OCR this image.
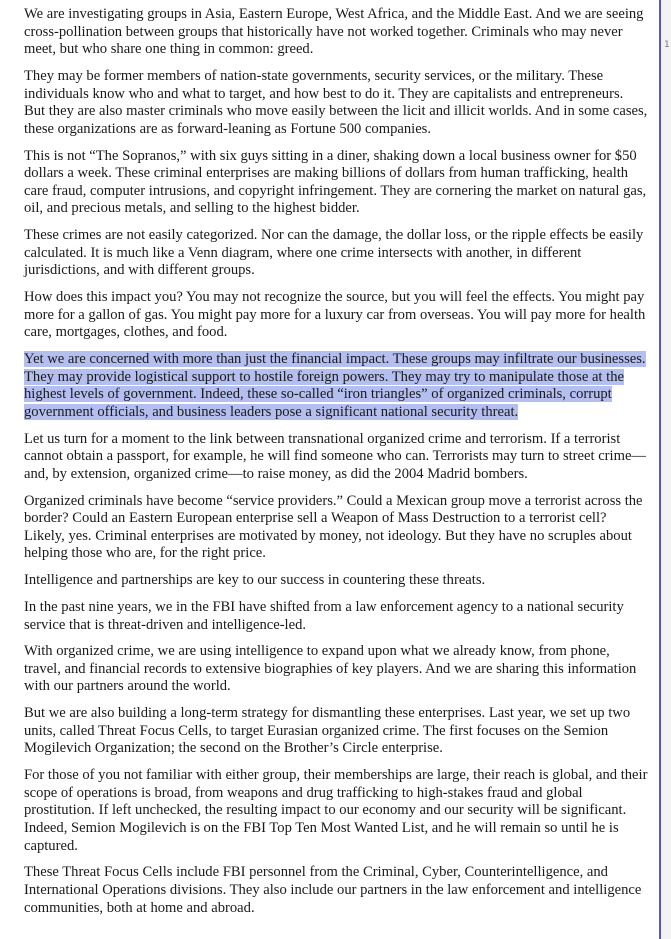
We are investigating groups in Asia, Eastern Europe, West Africa, and the Middle East. And we are seeing cross-pollination between groups that historically have not worked together. Criminals who may never meet, but who share one thing in common: greed.

They may be former members of nation-state governments, security services, or the military. These individuals know who and what to target, and how best to do it. They are capitalists and entrepreneurs. But they are also master criminals who move easily between the licit and illicit worlds. And in some cases, these organizations are as forward-leaning as Fortune 500 companies.

This is not “The Sopranos,” with six guys sitting in a diner, shaking down a local business owner for $50 dollars a week. These criminal enterprises are making billions of dollars from human trafficking, health care fraud, computer intrusions, and copyright infringement. They are cornering the market on natural gas, oil, and precious metals, and selling to the highest bidder.

These crimes are not easily categorized. Nor can the damage, the dollar loss, or the ripple effects be easily calculated. It is much like a Venn diagram, where one crime intersects with another, in different jurisdictions, and with different groups.

How does this impact you? You may not recognize the source, but you will feel the effects. You might pay more for a gallon of gas. You might pay more for a luxury car from overseas. You will pay more for health care, mortgages, clothes, and food.

Yet we are concerned with more than just the financial impact. These groups may infiltrate our businesses. They may provide logistical support to hostile foreign powers. They may try to manipulate those at the highest levels of government. Indeed, these so-called “iron triangles” of organized criminals, corrupt government officials, and business leaders pose a significant national security threat.

Let us turn for a moment to the link between transnational organized crime and terrorism. If a terrorist cannot obtain a passport, for example, he will find someone who can. Terrorists may turn to street crime—and, by extension, organized crime—to raise money, as did the 2004 Madrid bombers.

Organized criminals have become “service providers.” Could a Mexican group move a terrorist across the border? Could an Eastern European enterprise sell a Weapon of Mass Destruction to a terrorist cell? Likely, yes. Criminal enterprises are motivated by money, not ideology. But they have no scruples about helping those who are, for the right price.

Intelligence and partnerships are key to our success in countering these threats.

In the past nine years, we in the FBI have shifted from a law enforcement agency to a national security service that is threat-driven and intelligence-led.

With organized crime, we are using intelligence to expand upon what we already know, from phone, travel, and financial records to extensive biographies of key players. And we are sharing this information with our partners around the world.

But we are also building a long-term strategy for dismantling these enterprises. Last year, we set up two units, called Threat Focus Cells, to target Eurasian organized crime. The first focuses on the Semion Mogilevich Organization; the second on the Brother’s Circle enterprise.

For those of you not familiar with either group, their memberships are large, their reach is global, and their scope of operations is broad, from weapons and drug trafficking to high-stakes fraud and global prostitution. If left unchecked, the resulting impact to our economy and our security will be significant. Indeed, Semion Mogilevich is on the FBI Top Ten Most Wanted List, and he will remain so until he is captured.

These Threat Focus Cells include FBI personnel from the Criminal, Cyber, Counterintelligence, and International Operations divisions. They also include our partners in the law enforcement and intelligence communities, both at home and abroad.

1
